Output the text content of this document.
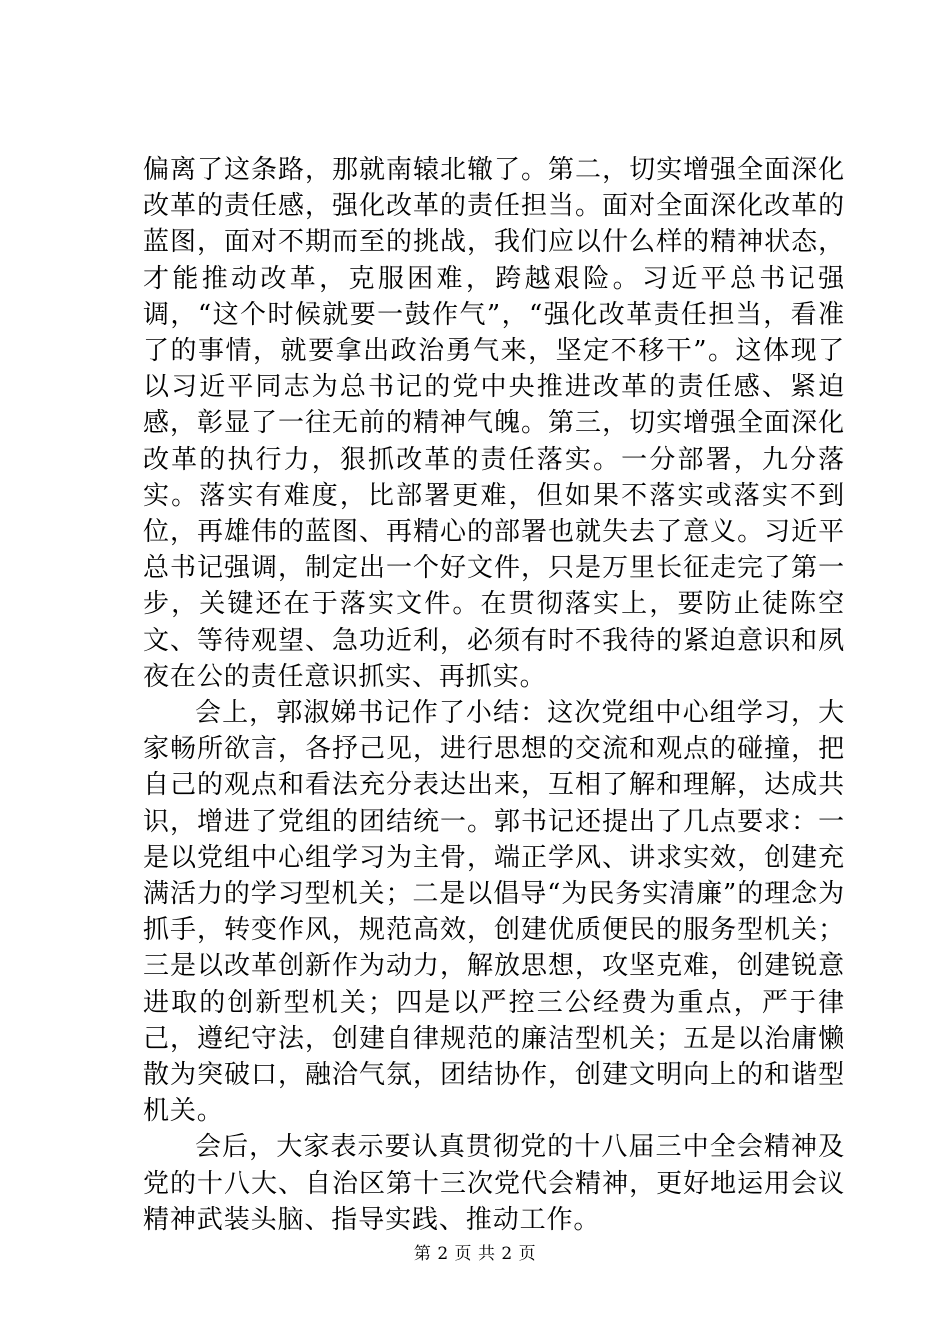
偏离了这条路，那就南辕北辙了。第二，切实增强全面深化改革的责任感，强化改革的责任担当。面对全面深化改革的蓝图，面对不期而至的挑战，我们应以什么样的精神状态，才能推动改革，克服困难，跨越艰险。习近平总书记强调，“这个时候就要一鼓作气”，“强化改革责任担当，看准了的事情，就要拿出政治勇气来，坚定不移干”。这体现了以习近平同志为总书记的党中央推进改革的责任感、紧迫感，彰显了一往无前的精神气魄。第三，切实增强全面深化改革的执行力，狠抓改革的责任落实。一分部署，九分落实。落实有难度，比部署更难，但如果不落实或落实不到位，再雄伟的蓝图、再精心的部署也就失去了意义。习近平总书记强调，制定出一个好文件，只是万里长征走完了第一步，关键还在于落实文件。在贯彻落实上，要防止徒陈空文、等待观望、急功近利，必须有时不我待的紧迫意识和夙夜在公的责任意识抓实、再抓实。

会上，郭淑娣书记作了小结：这次党组中心组学习，大家畅所欲言，各抒己见，进行思想的交流和观点的碰撞，把自己的观点和看法充分表达出来，互相了解和理解，达成共识，增进了党组的团结统一。郭书记还提出了几点要求：一是以党组中心组学习为主骨，端正学风、讲求实效，创建充满活力的学习型机关；二是以倡导“为民务实清廉”的理念为抓手，转变作风，规范高效，创建优质便民的服务型机关；三是以改革创新作为动力，解放思想，攻坚克难，创建锐意进取的创新型机关；四是以严控三公经费为重点，严于律己，遵纪守法，创建自律规范的廉洁型机关；五是以治庸懒散为突破口，融洽气氛，团结协作，创建文明向上的和谐型机关。

会后，大家表示要认真贯彻党的十八届三中全会精神及党的十八大、自治区第十三次党代会精神，更好地运用会议精神武装头脑、指导实践、推动工作。

第 2 页 共 2 页
